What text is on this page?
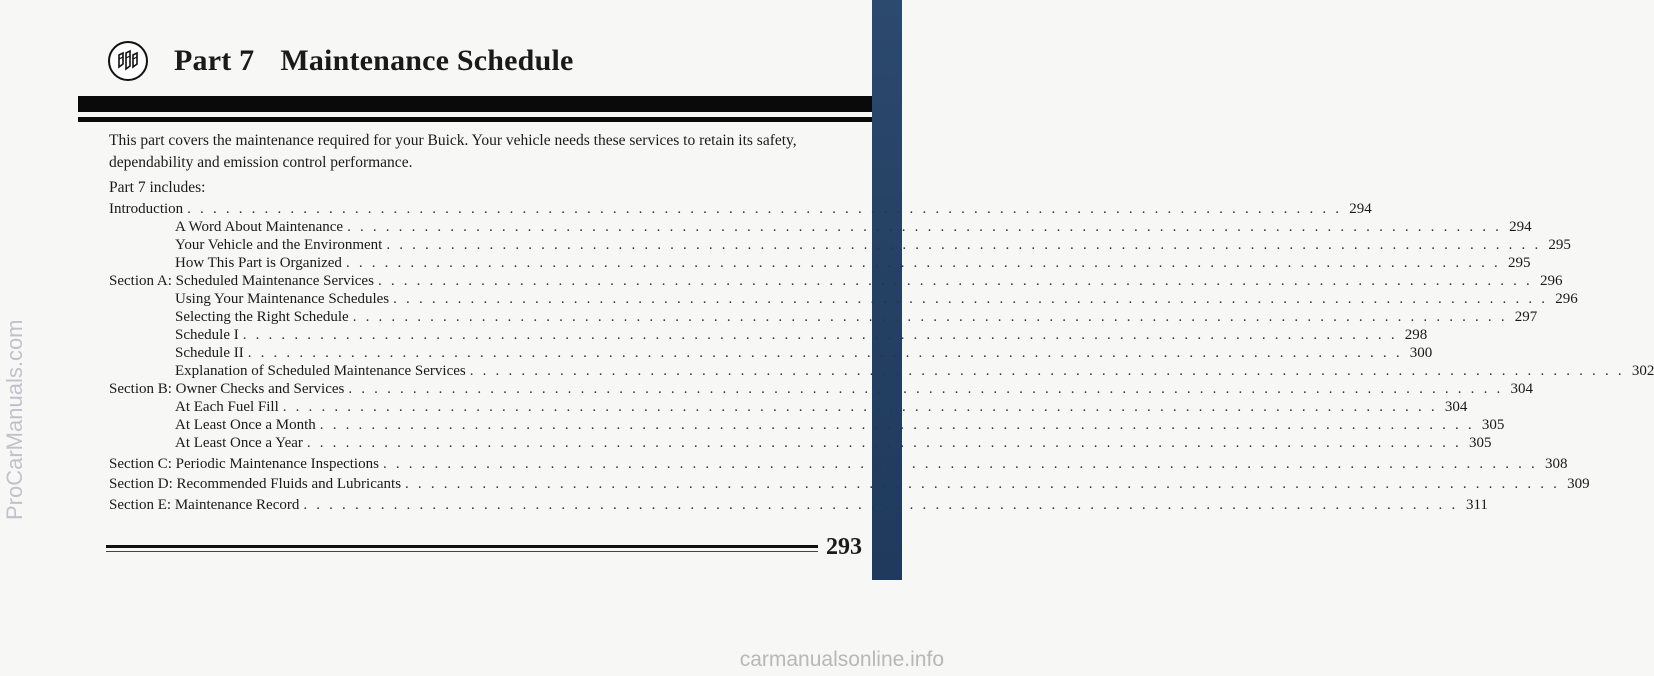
Part 7 Maintenance Schedule
This part covers the maintenance required for your Buick. Your vehicle needs these services to retain its safety, dependability and emission control performance.
Part 7 includes:
Introduction . . . . . . . . . . . . . . . . . . . . . . . . . . . . . . . . . . . . . . . . . . . . . . . . . . . . . . . . . . . . . . . . . . . . . . . . . . . . . . . . . . . . . . . . . . 294
A Word About Maintenance . . . . . . . . . . . . . . . . . . . . . . . . . . . . . . . . . . . . . . . . . . . . . . . . . . . . . . . . . . . . . . . . . . . . . . . . . . . . . . . . . . . . . . . . . . 294
Your Vehicle and the Environment . . . . . . . . . . . . . . . . . . . . . . . . . . . . . . . . . . . . . . . . . . . . . . . . . . . . . . . . . . . . . . . . . . . . . . . . . . . . . . . . . . . . . . . . . . 295
How This Part is Organized . . . . . . . . . . . . . . . . . . . . . . . . . . . . . . . . . . . . . . . . . . . . . . . . . . . . . . . . . . . . . . . . . . . . . . . . . . . . . . . . . . . . . . . . . . 295
Section A: Scheduled Maintenance Services . . . . . . . . . . . . . . . . . . . . . . . . . . . . . . . . . . . . . . . . . . . . . . . . . . . . . . . . . . . . . . . . . . . . . . . . . . . . . . . . . . . . . . . . . . 296
Using Your Maintenance Schedules . . . . . . . . . . . . . . . . . . . . . . . . . . . . . . . . . . . . . . . . . . . . . . . . . . . . . . . . . . . . . . . . . . . . . . . . . . . . . . . . . . . . . . . . . . 296
Selecting the Right Schedule . . . . . . . . . . . . . . . . . . . . . . . . . . . . . . . . . . . . . . . . . . . . . . . . . . . . . . . . . . . . . . . . . . . . . . . . . . . . . . . . . . . . . . . . . . 297
Schedule I . . . . . . . . . . . . . . . . . . . . . . . . . . . . . . . . . . . . . . . . . . . . . . . . . . . . . . . . . . . . . . . . . . . . . . . . . . . . . . . . . . . . . . . . . . 298
Schedule II . . . . . . . . . . . . . . . . . . . . . . . . . . . . . . . . . . . . . . . . . . . . . . . . . . . . . . . . . . . . . . . . . . . . . . . . . . . . . . . . . . . . . . . . . . 300
Explanation of Scheduled Maintenance Services . . . . . . . . . . . . . . . . . . . . . . . . . . . . . . . . . . . . . . . . . . . . . . . . . . . . . . . . . . . . . . . . . . . . . . . . . . . . . . . . . . . . . . . . . . 302
Section B: Owner Checks and Services . . . . . . . . . . . . . . . . . . . . . . . . . . . . . . . . . . . . . . . . . . . . . . . . . . . . . . . . . . . . . . . . . . . . . . . . . . . . . . . . . . . . . . . . . . 304
At Each Fuel Fill . . . . . . . . . . . . . . . . . . . . . . . . . . . . . . . . . . . . . . . . . . . . . . . . . . . . . . . . . . . . . . . . . . . . . . . . . . . . . . . . . . . . . . . . . . 304
At Least Once a Month . . . . . . . . . . . . . . . . . . . . . . . . . . . . . . . . . . . . . . . . . . . . . . . . . . . . . . . . . . . . . . . . . . . . . . . . . . . . . . . . . . . . . . . . . . 305
At Least Once a Year . . . . . . . . . . . . . . . . . . . . . . . . . . . . . . . . . . . . . . . . . . . . . . . . . . . . . . . . . . . . . . . . . . . . . . . . . . . . . . . . . . . . . . . . . . 305
Section C: Periodic Maintenance Inspections . . . . . . . . . . . . . . . . . . . . . . . . . . . . . . . . . . . . . . . . . . . . . . . . . . . . . . . . . . . . . . . . . . . . . . . . . . . . . . . . . . . . . . . . . . 308
Section D: Recommended Fluids and Lubricants . . . . . . . . . . . . . . . . . . . . . . . . . . . . . . . . . . . . . . . . . . . . . . . . . . . . . . . . . . . . . . . . . . . . . . . . . . . . . . . . . . . . . . . . . . 309
Section E: Maintenance Record . . . . . . . . . . . . . . . . . . . . . . . . . . . . . . . . . . . . . . . . . . . . . . . . . . . . . . . . . . . . . . . . . . . . . . . . . . . . . . . . . . . . . . . . . . 311
293
ProCarManuals.com
carmanualsonline.info
